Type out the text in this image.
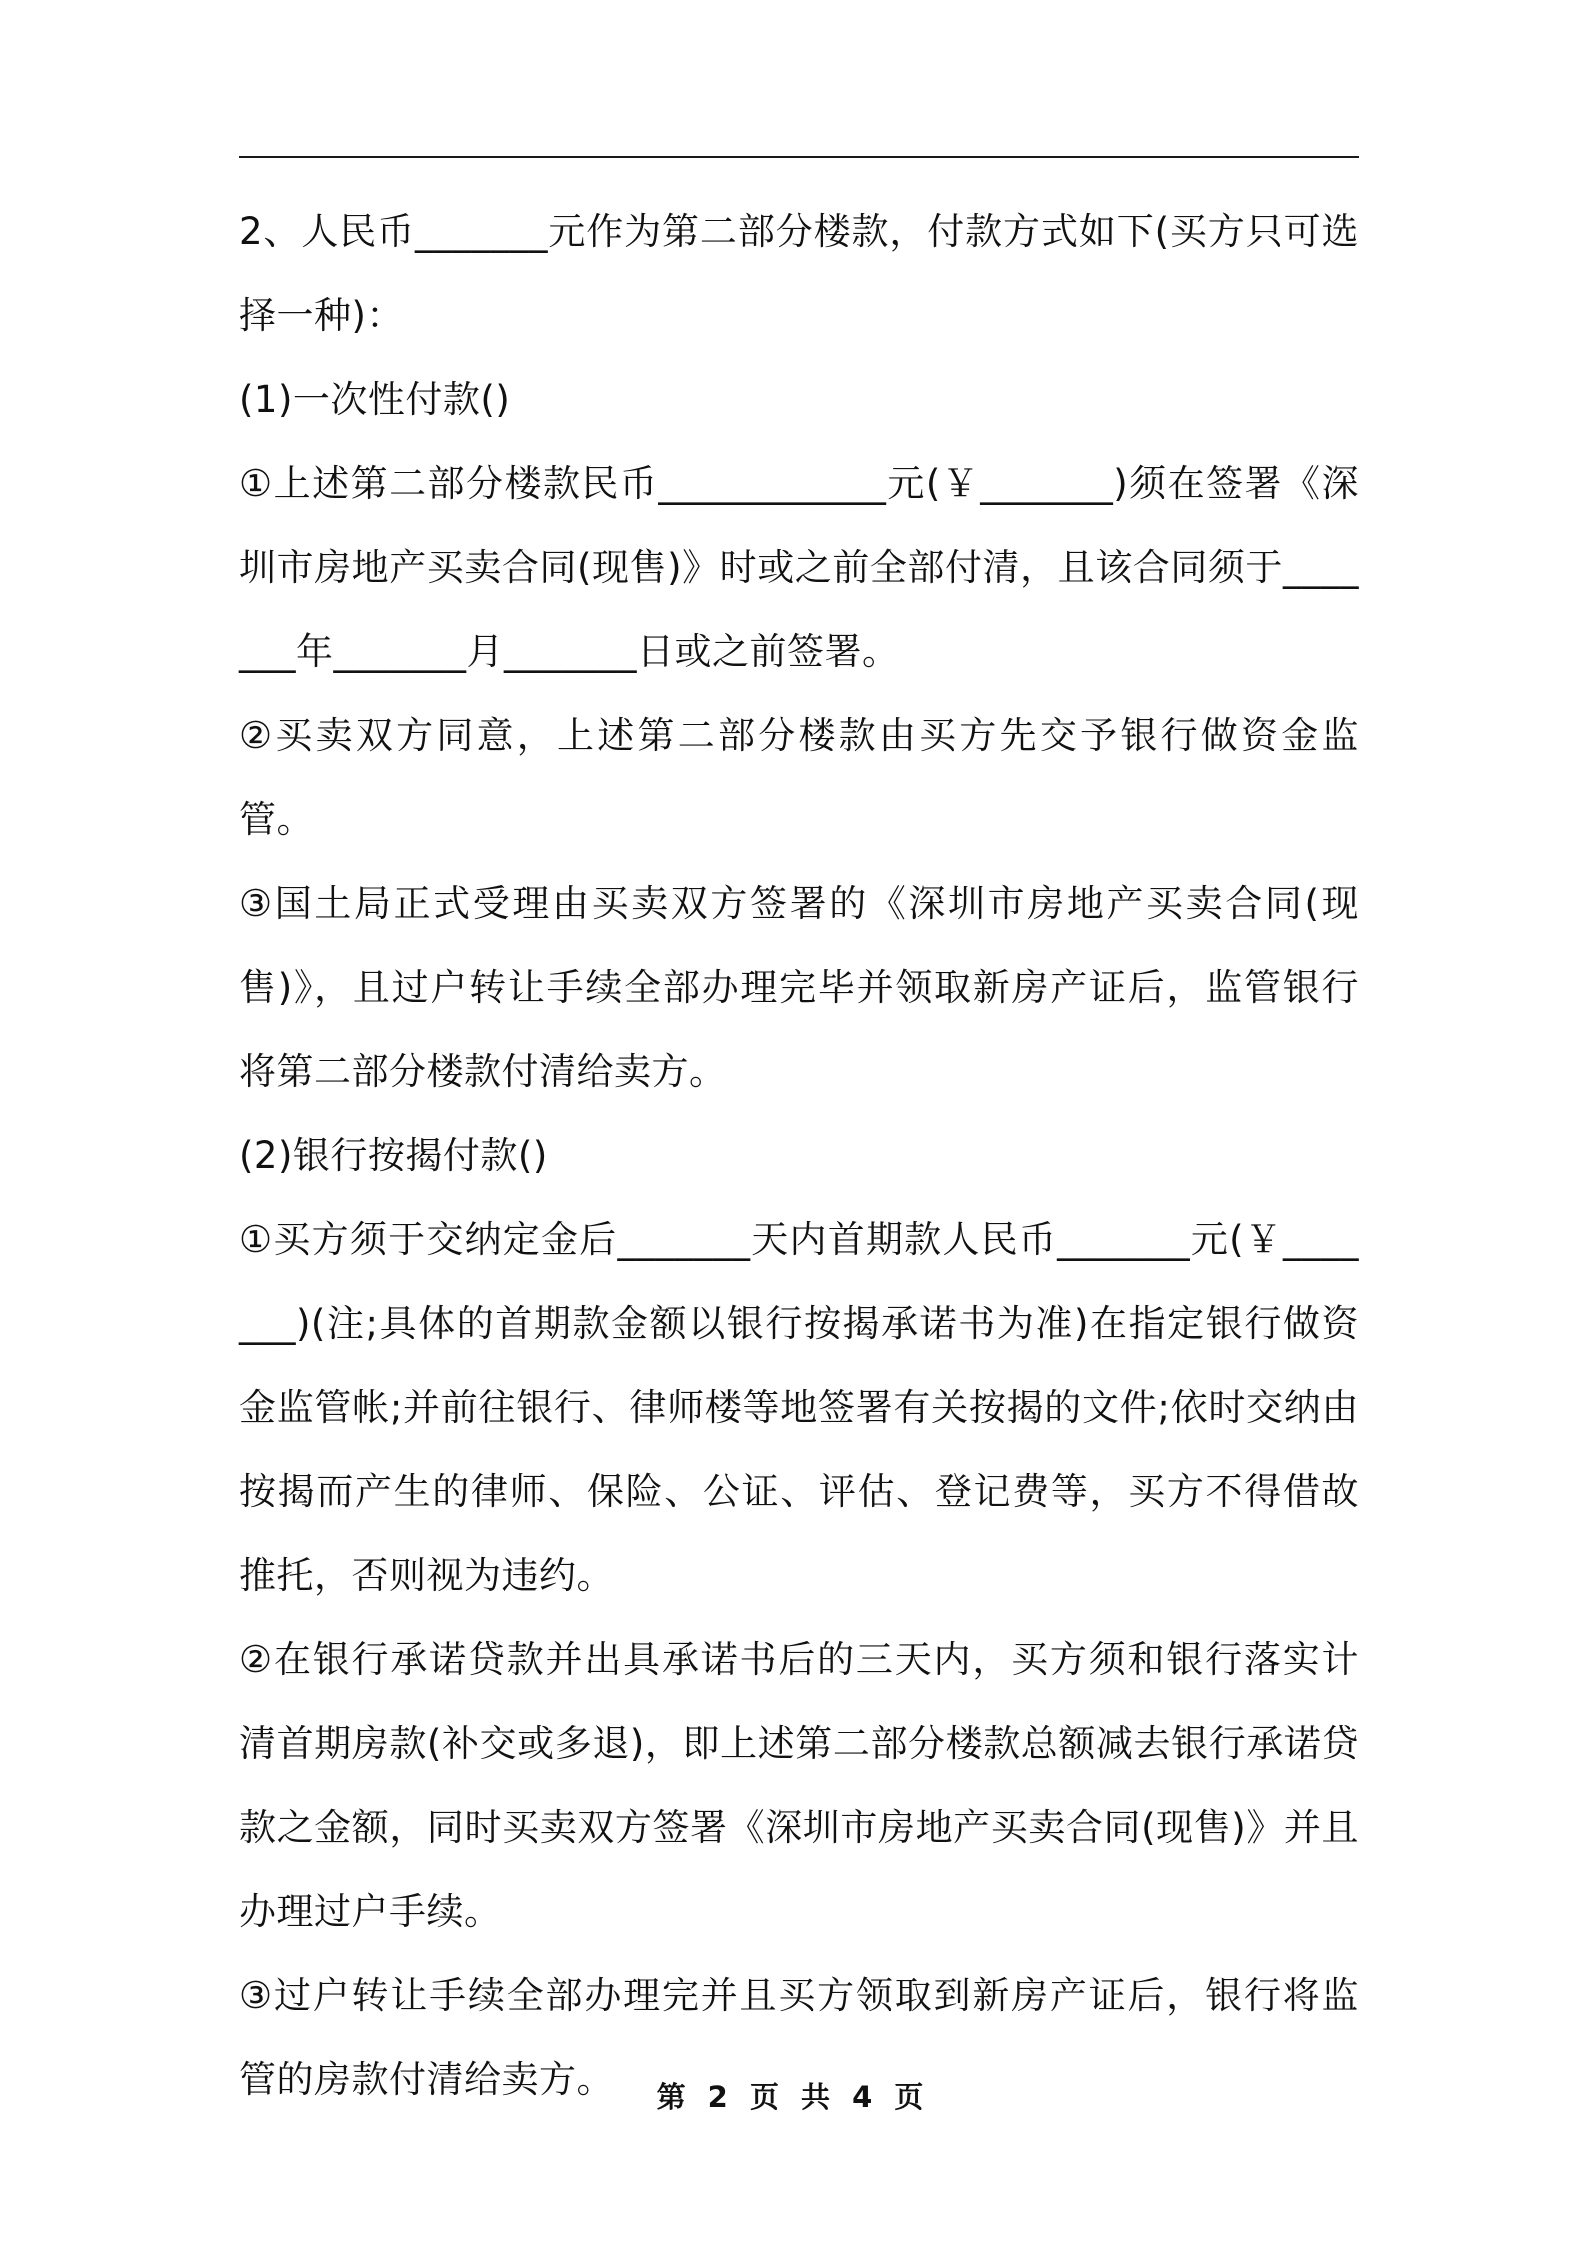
2、人民币_______元作为第二部分楼款，付款方式如下(买方只可选择一种)：

(1)一次性付款()

①上述第二部分楼款民币____________元(￥_______)须在签署《深圳市房地产买卖合同(现售)》时或之前全部付清，且该合同须于_______年_______月_______日或之前签署。

②买卖双方同意，上述第二部分楼款由买方先交予银行做资金监管。

③国土局正式受理由买卖双方签署的《深圳市房地产买卖合同(现售)》，且过户转让手续全部办理完毕并领取新房产证后，监管银行将第二部分楼款付清给卖方。

(2)银行按揭付款()

①买方须于交纳定金后_______天内首期款人民币_______元(￥_______)(注;具体的首期款金额以银行按揭承诺书为准)在指定银行做资金监管帐;并前往银行、律师楼等地签署有关按揭的文件;依时交纳由按揭而产生的律师、保险、公证、评估、登记费等，买方不得借故推托，否则视为违约。

②在银行承诺贷款并出具承诺书后的三天内，买方须和银行落实计清首期房款(补交或多退)，即上述第二部分楼款总额减去银行承诺贷款之金额，同时买卖双方签署《深圳市房地产买卖合同(现售)》并且办理过户手续。

③过户转让手续全部办理完并且买方领取到新房产证后，银行将监管的房款付清给卖方。	第 2 页 共 4 页
